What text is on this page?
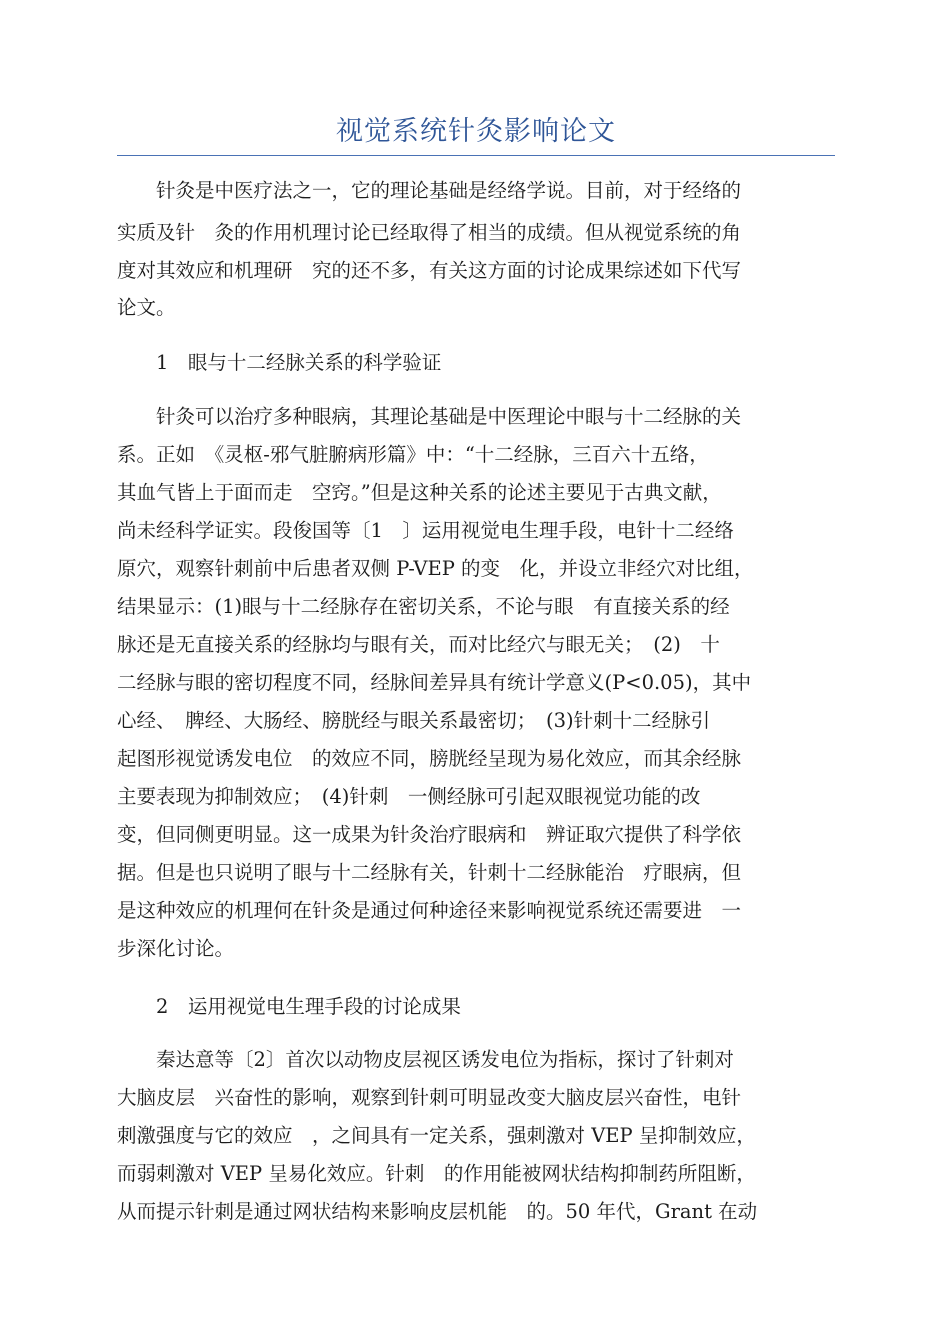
视觉系统针灸影响论文
　　针灸是中医疗法之一，它的理论基础是经络学说。目前，对于经络的
实质及针　灸的作用机理讨论已经取得了相当的成绩。但从视觉系统的角
度对其效应和机理研　究的还不多，有关这方面的讨论成果综述如下代写
论文。
　　1　眼与十二经脉关系的科学验证
　　针灸可以治疗多种眼病，其理论基础是中医理论中眼与十二经脉的关
系。正如　《灵枢-邪气脏腑病形篇》中：“十二经脉，三百六十五络，
其血气皆上于面而走　空窍。”但是这种关系的论述主要见于古典文献，
尚未经科学证实。段俊国等〔1　〕运用视觉电生理手段，电针十二经络
原穴，观察针刺前中后患者双侧 P-VEP 的变　化，并设立非经穴对比组，
结果显示：(1)眼与十二经脉存在密切关系，不论与眼　有直接关系的经
脉还是无直接关系的经脉均与眼有关，而对比经穴与眼无关；　(2)　十
二经脉与眼的密切程度不同，经脉间差异具有统计学意义(P<0.05)，其中
心经、　脾经、大肠经、膀胱经与眼关系最密切；　(3)针刺十二经脉引
起图形视觉诱发电位　的效应不同，膀胱经呈现为易化效应，而其余经脉
主要表现为抑制效应；　(4)针刺　一侧经脉可引起双眼视觉功能的改
变，但同侧更明显。这一成果为针灸治疗眼病和　辨证取穴提供了科学依
据。但是也只说明了眼与十二经脉有关，针刺十二经脉能治　疗眼病，但
是这种效应的机理何在针灸是通过何种途径来影响视觉系统还需要进　一
步深化讨论。
　　2　运用视觉电生理手段的讨论成果
　　秦达意等〔2〕首次以动物皮层视区诱发电位为指标，探讨了针刺对
大脑皮层　兴奋性的影响，观察到针刺可明显改变大脑皮层兴奋性，电针
刺激强度与它的效应　，之间具有一定关系，强刺激对 VEP 呈抑制效应，
而弱刺激对 VEP 呈易化效应。针刺　的作用能被网状结构抑制药所阻断，
从而提示针刺是通过网状结构来影响皮层机能　的。50 年代，Grant 在动
